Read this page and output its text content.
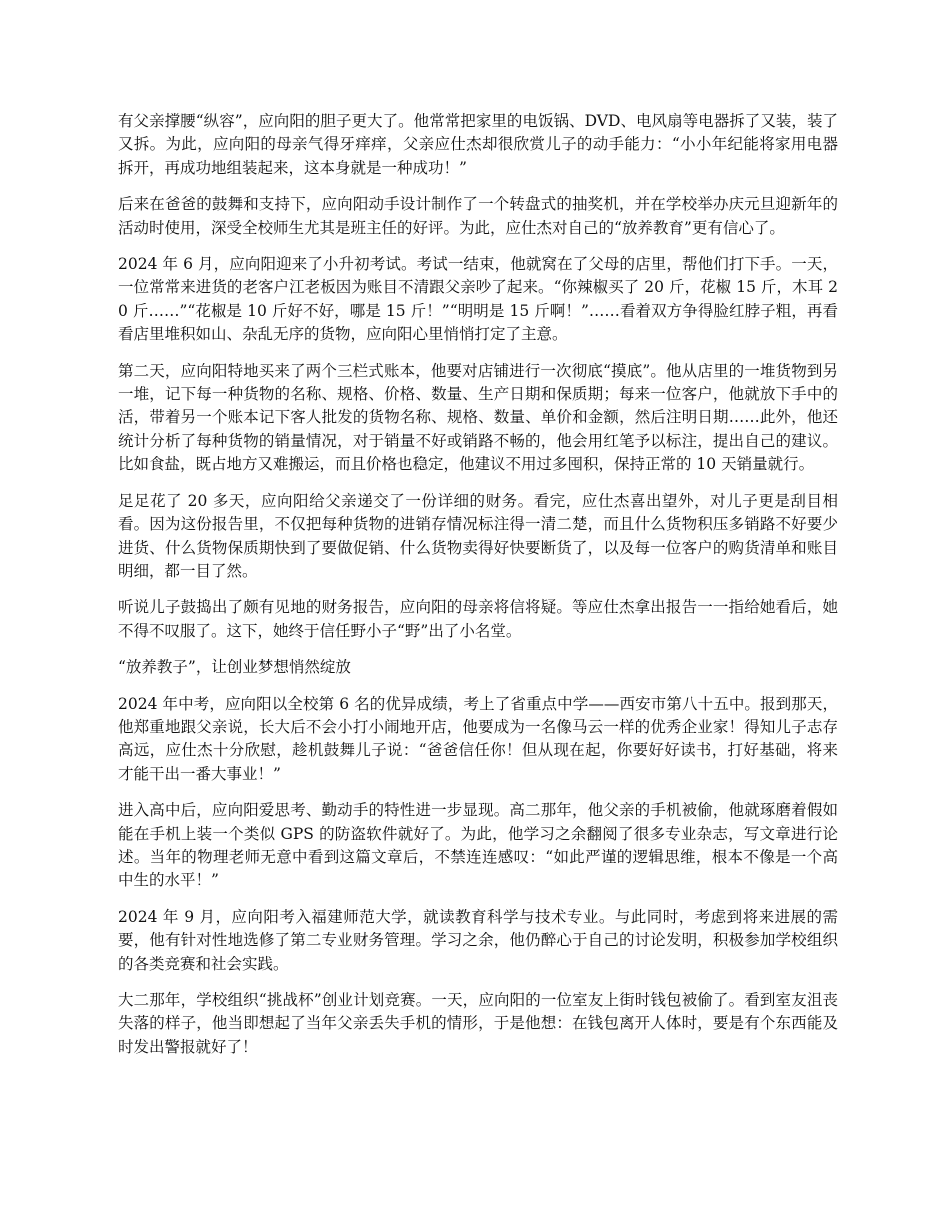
有父亲撑腰“纵容”，应向阳的胆子更大了。他常常把家里的电饭锅、DVD、电风扇等电器拆了又装，装了又拆。为此，应向阳的母亲气得牙痒痒，父亲应仕杰却很欣赏儿子的动手能力：“小小年纪能将家用电器拆开，再成功地组装起来，这本身就是一种成功！”

后来在爸爸的鼓舞和支持下，应向阳动手设计制作了一个转盘式的抽奖机，并在学校举办庆元旦迎新年的活动时使用，深受全校师生尤其是班主任的好评。为此，应仕杰对自己的“放养教育”更有信心了。

2024 年 6 月，应向阳迎来了小升初考试。考试一结束，他就窝在了父母的店里，帮他们打下手。一天，一位常常来进货的老客户江老板因为账目不清跟父亲吵了起来。“你辣椒买了 20 斤，花椒 15 斤，木耳 20 斤……”“花椒是 10 斤好不好，哪是 15 斤！”“明明是 15 斤啊！”……看着双方争得脸红脖子粗，再看看店里堆积如山、杂乱无序的货物，应向阳心里悄悄打定了主意。

第二天，应向阳特地买来了两个三栏式账本，他要对店铺进行一次彻底“摸底”。他从店里的一堆货物到另一堆，记下每一种货物的名称、规格、价格、数量、生产日期和保质期；每来一位客户，他就放下手中的活，带着另一个账本记下客人批发的货物名称、规格、数量、单价和金额，然后注明日期……此外，他还统计分析了每种货物的销量情况，对于销量不好或销路不畅的，他会用红笔予以标注，提出自己的建议。比如食盐，既占地方又难搬运，而且价格也稳定，他建议不用过多囤积，保持正常的 10 天销量就行。

足足花了 20 多天，应向阳给父亲递交了一份详细的财务。看完，应仕杰喜出望外，对儿子更是刮目相看。因为这份报告里，不仅把每种货物的进销存情况标注得一清二楚，而且什么货物积压多销路不好要少进货、什么货物保质期快到了要做促销、什么货物卖得好快要断货了，以及每一位客户的购货清单和账目明细，都一目了然。

听说儿子鼓捣出了颇有见地的财务报告，应向阳的母亲将信将疑。等应仕杰拿出报告一一指给她看后，她不得不叹服了。这下，她终于信任野小子“野”出了小名堂。

“放养教子”，让创业梦想悄然绽放

2024 年中考，应向阳以全校第 6 名的优异成绩，考上了省重点中学——西安市第八十五中。报到那天，他郑重地跟父亲说，长大后不会小打小闹地开店，他要成为一名像马云一样的优秀企业家！得知儿子志存高远，应仕杰十分欣慰，趁机鼓舞儿子说：“爸爸信任你！但从现在起，你要好好读书，打好基础，将来才能干出一番大事业！”

进入高中后，应向阳爱思考、勤动手的特性进一步显现。高二那年，他父亲的手机被偷，他就琢磨着假如能在手机上装一个类似 GPS 的防盗软件就好了。为此，他学习之余翻阅了很多专业杂志，写文章进行论述。当年的物理老师无意中看到这篇文章后，不禁连连感叹：“如此严谨的逻辑思维，根本不像是一个高中生的水平！”

2024 年 9 月，应向阳考入福建师范大学，就读教育科学与技术专业。与此同时，考虑到将来进展的需要，他有针对性地选修了第二专业财务管理。学习之余，他仍醉心于自己的讨论发明，积极参加学校组织的各类竞赛和社会实践。

大二那年，学校组织“挑战杯”创业计划竞赛。一天，应向阳的一位室友上街时钱包被偷了。看到室友沮丧失落的样子，他当即想起了当年父亲丢失手机的情形，于是他想：在钱包离开人体时，要是有个东西能及时发出警报就好了！
